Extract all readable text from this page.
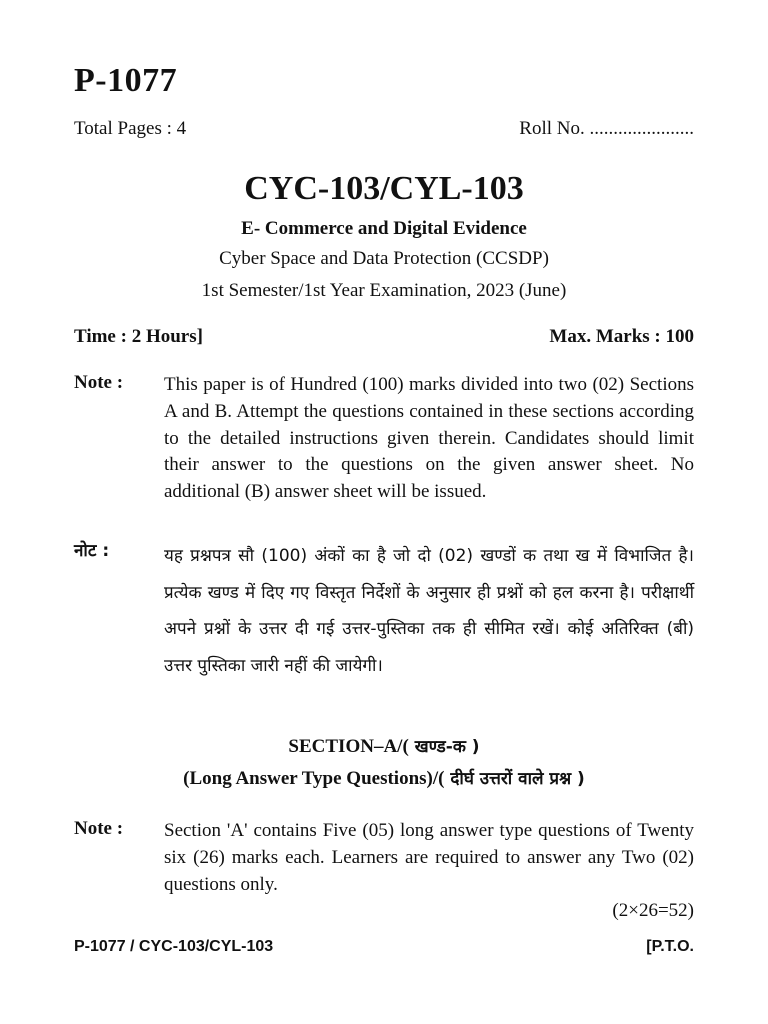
P-1077
Total Pages : 4	Roll No. ......................
CYC-103/CYL-103
E- Commerce and Digital Evidence
Cyber Space and Data Protection (CCSDP)
1st Semester/1st Year Examination, 2023 (June)
Time : 2 Hours]	Max. Marks : 100
Note :	This paper is of Hundred (100) marks divided into two (02) Sections A and B. Attempt the questions contained in these sections according to the detailed instructions given therein. Candidates should limit their answer to the questions on the given answer sheet. No additional (B) answer sheet will be issued.
नोट :	यह प्रश्नपत्र सौ (100) अंकों का है जो दो (02) खण्डों क तथा ख में विभाजित है। प्रत्येक खण्ड में दिए गए विस्तृत निर्देशों के अनुसार ही प्रश्नों को हल करना है। परीक्षार्थी अपने प्रश्नों के उत्तर दी गई उत्तर-पुस्तिका तक ही सीमित रखें। कोई अतिरिक्त (बी) उत्तर पुस्तिका जारी नहीं की जायेगी।
SECTION–A/( खण्ड-क )
(Long Answer Type Questions)/( दीर्घ उत्तरों वाले प्रश्न )
Note :	Section 'A' contains Five (05) long answer type questions of Twenty six (26) marks each. Learners are required to answer any Two (02) questions only.
(2×26=52)
P-1077 / CYC-103/CYL-103	[P.T.O.
